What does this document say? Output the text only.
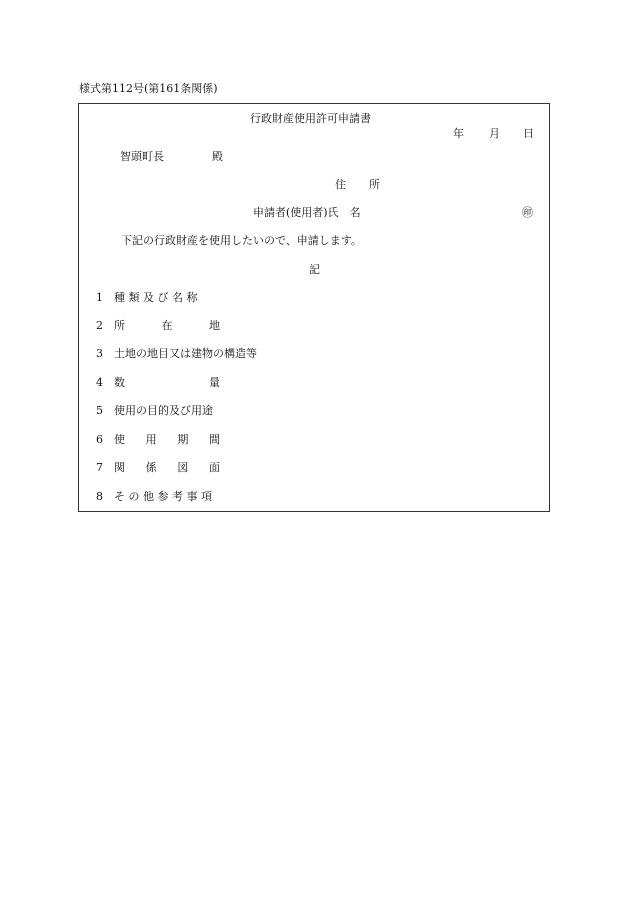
様式第112号(第161条関係)
行政財産使用許可申請書
年 月 日
智頭町長	殿
住　所
申請者(使用者)氏　名	㊞
下記の行政財産を使用したいので、申請します。
記
1 種 類 及 び 名 称
2 所	在	地
3 土地の地目又は建物の構造等
4 数	量
5 使用の目的及び用途
6 使 用 期 間
7 関 係 図 面
8 そ の 他 参 考 事 項
